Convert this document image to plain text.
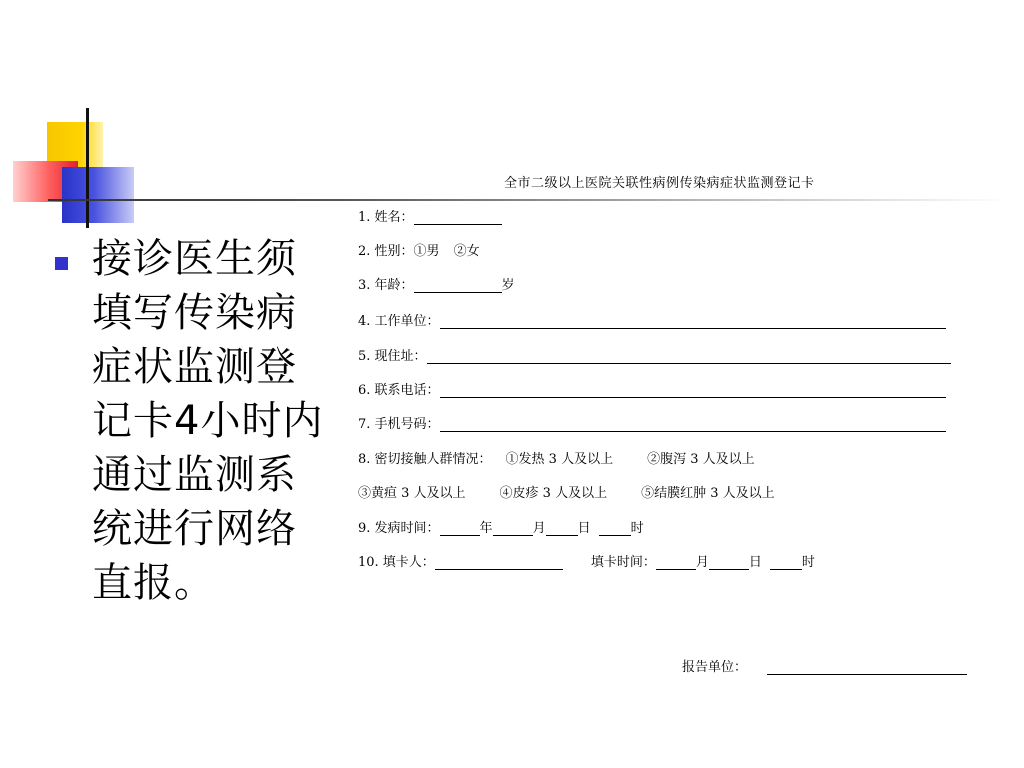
接诊医生须填写传染病症状监测登记卡4小时内通过监测系统进行网络直报。
全市二级以上医院关联性病例传染病症状监测登记卡
1. 姓名：
2. 性别： ①男 ②女
3. 年龄：	岁
4. 工作单位：
5. 现住址：
6. 联系电话：
7. 手机号码：
8. 密切接触人群情况： ①发热 3 人及以上	②腹泻 3 人及以上
③黄疸 3 人及以上	④皮疹 3 人及以上	⑤结膜红肿 3 人及以上
9. 发病时间：	年	月 日	时
10. 填卡人：	填卡时间：	月	日	时
报告单位：
